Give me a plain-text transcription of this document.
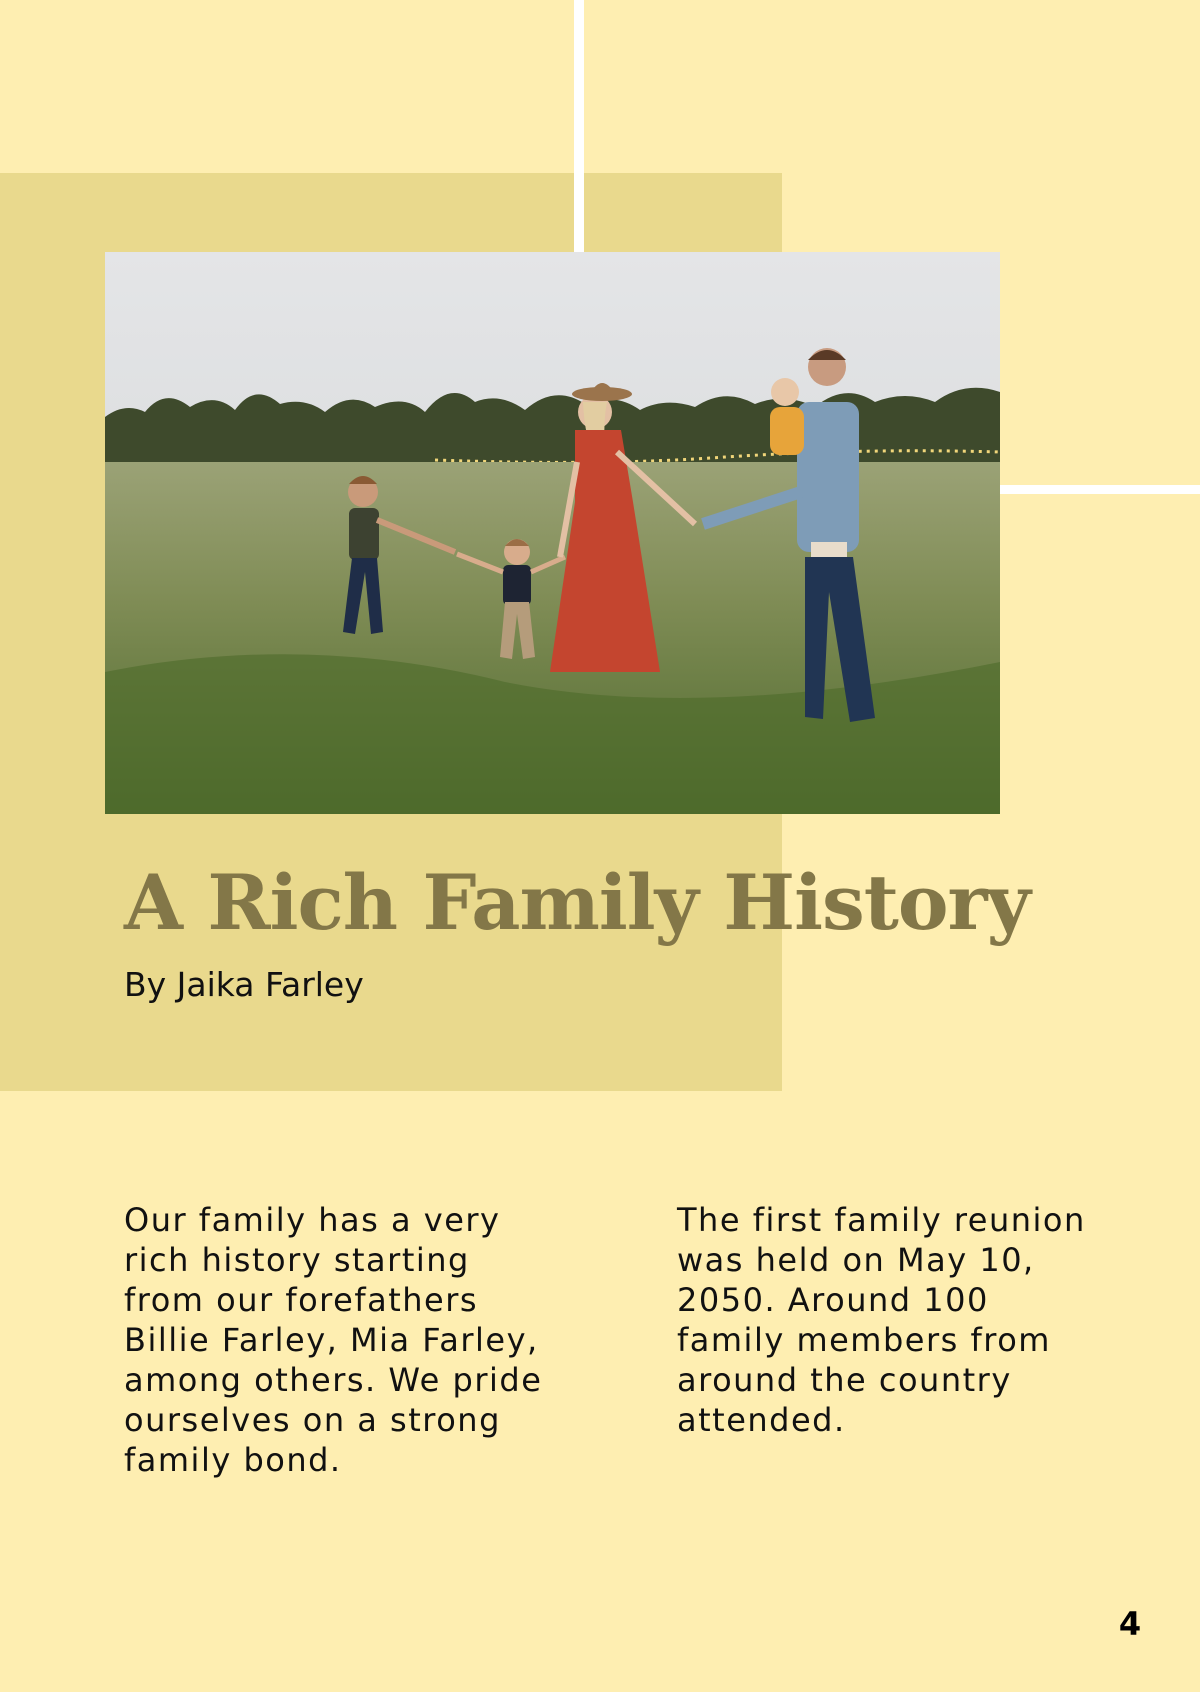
A Rich Family History
By Jaika Farley

Our family has a very rich history starting from our forefathers Billie Farley, Mia Farley, among others. We pride ourselves on a strong family bond.

The first family reunion was held on May 10, 2050. Around 100 family members from around the country attended.

4
